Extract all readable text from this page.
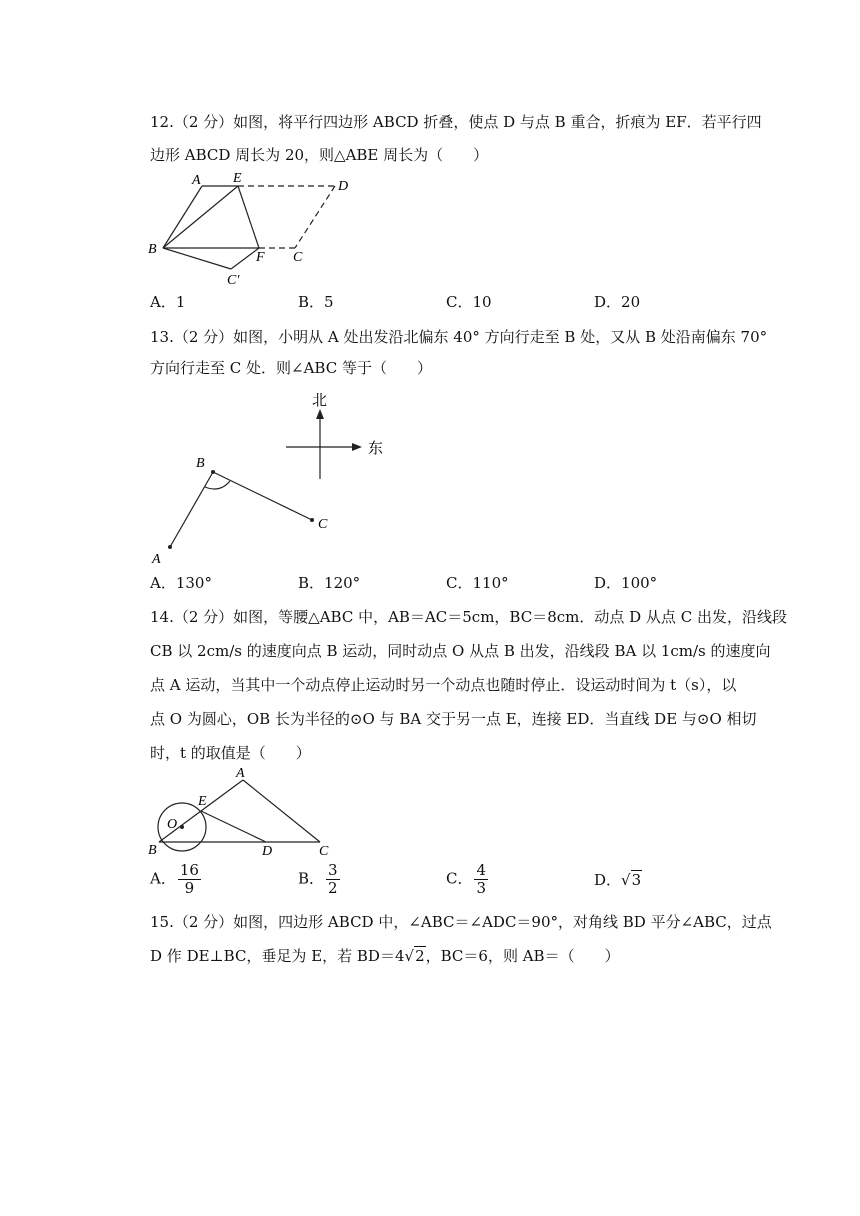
12.（2 分）如图，将平行四边形 ABCD 折叠，使点 D 与点 B 重合，折痕为 EF．若平行四
边形 ABCD 周长为 20，则△ABE 周长为（　　）
A E
D
B
F C
C′
A．1	B．5	C．10	D．20
13.（2 分）如图，小明从 A 处出发沿北偏东 40° 方向行走至 B 处，又从 B 处沿南偏东 70°
方向行走至 C 处．则∠ABC 等于（　　）
北
东
A
B
C
A．130°	B．120°	C．110°	D．100°
14.（2 分）如图，等腰△ABC 中，AB＝AC＝5cm，BC＝8cm．动点 D 从点 C 出发，沿线段
CB 以 2cm/s 的速度向点 B 运动，同时动点 O 从点 B 出发，沿线段 BA 以 1cm/s 的速度向
点 A 运动，当其中一个动点停止运动时另一个动点也随时停止．设运动时间为 t（s），以
点 O 为圆心，OB 长为半径的⊙O 与 BA 交于另一点 E，连接 ED．当直线 DE 与⊙O 相切
时，t 的取值是（　　）
A
E
O
B	D	C
A． $\frac{16}{9}$	B． $\frac{3}{2}$	C． $\frac{4}{3}$	D．√3
15.（2 分）如图，四边形 ABCD 中，∠ABC＝∠ADC＝90°，对角线 BD 平分∠ABC，过点
D 作 DE⊥BC，垂足为 E，若 BD＝4√2，BC＝6，则 AB＝（　　）
